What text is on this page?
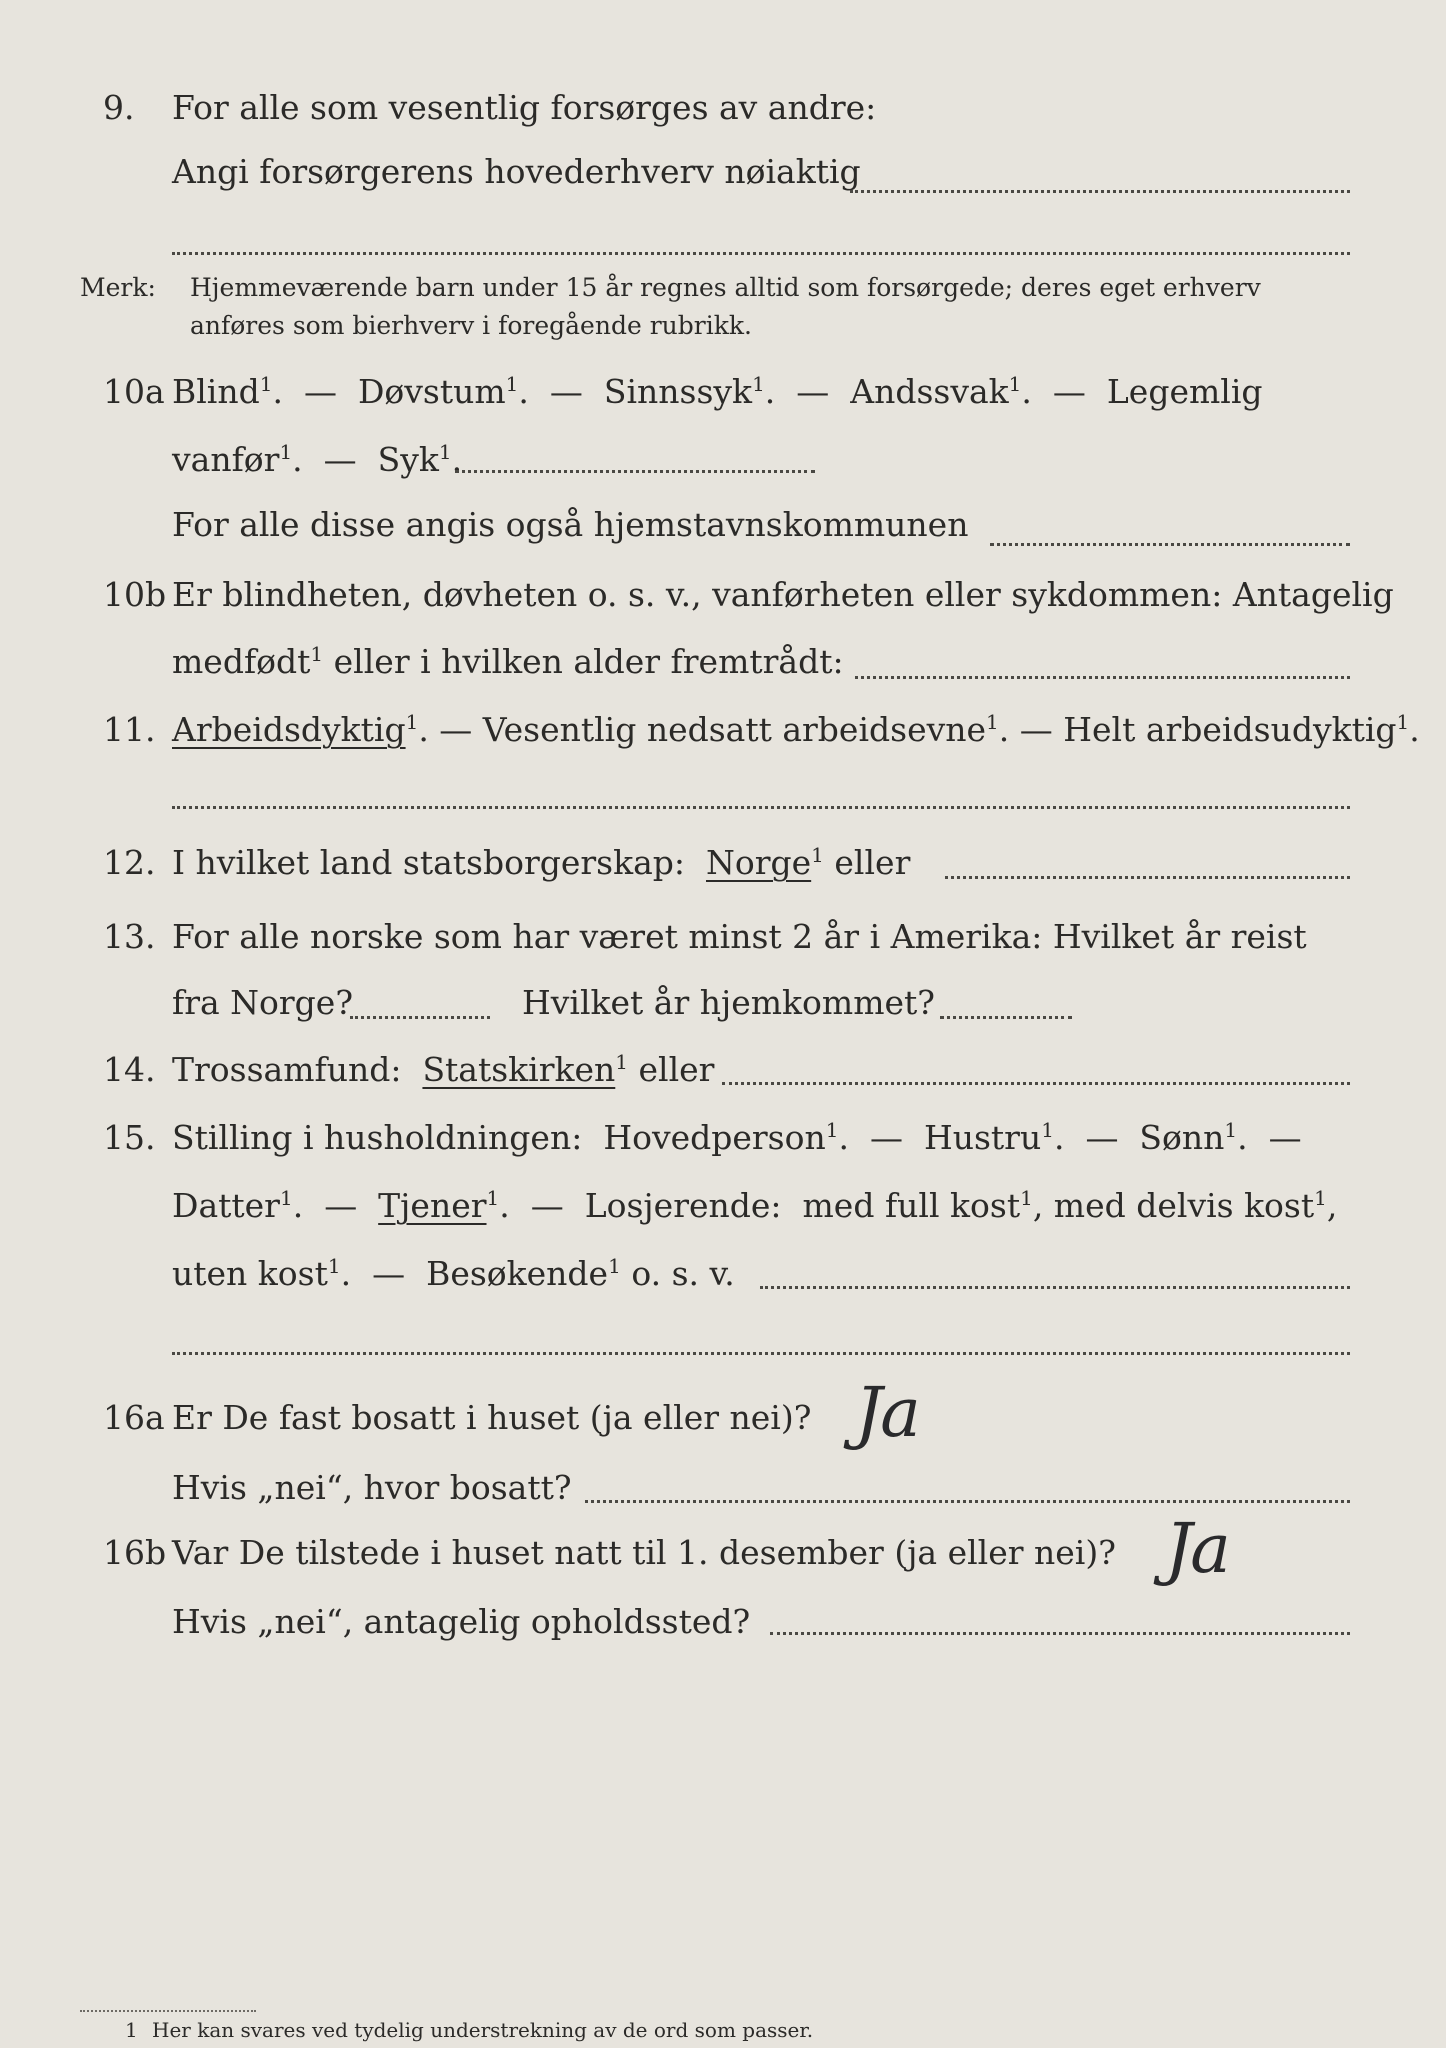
9. For alle som vesentlig forsørges av andre:
Angi forsørgerens hovederhverv nøiaktig
Merk: Hjemmeværende barn under 15 år regnes alltid som forsørgede; deres eget erhverv
anføres som bierhverv i foregående rubrikk.
10a Blind$^1$.  — Døvstum$^1$.  — Sinnssyk$^1$.  — Andssvak$^1$.  — Legemlig
vanfør$^1$.  — Syk$^1$.
For alle disse angis også hjemstavnskommunen
10b Er blindheten, døvheten o. s. v., vanførheten eller sykdommen: Antagelig
medfødt$^1$ eller i hvilken alder fremtrådt:
11. Arbeidsdyktig$^1$. — Vesentlig nedsatt arbeidsevne$^1$. — Helt arbeidsudyktig$^1$.
12. I hvilket land statsborgerskap: Norge$^1$ eller
13. For alle norske som har været minst 2 år i Amerika: Hvilket år reist
fra Norge?	Hvilket år hjemkommet?
14. Trossamfund: Statskirken$^1$ eller
15. Stilling i husholdningen: Hovedperson$^1$.  — Hustru$^1$.  — Sønn$^1$.  —
Datter$^1$.  — Tjener$^1$.  — Losjerende: med full kost$^1$, med delvis kost$^1$,
uten kost$^1$.  — Besøkende$^1$ o. s. v.
16a Er De fast bosatt i huset (ja eller nei)? Ja
Hvis „nei“, hvor bosatt?
16b Var De tilstede i huset natt til 1. desember (ja eller nei)? Ja
Hvis „nei“, antagelig opholdssted?
1 Her kan svares ved tydelig understrekning av de ord som passer.
